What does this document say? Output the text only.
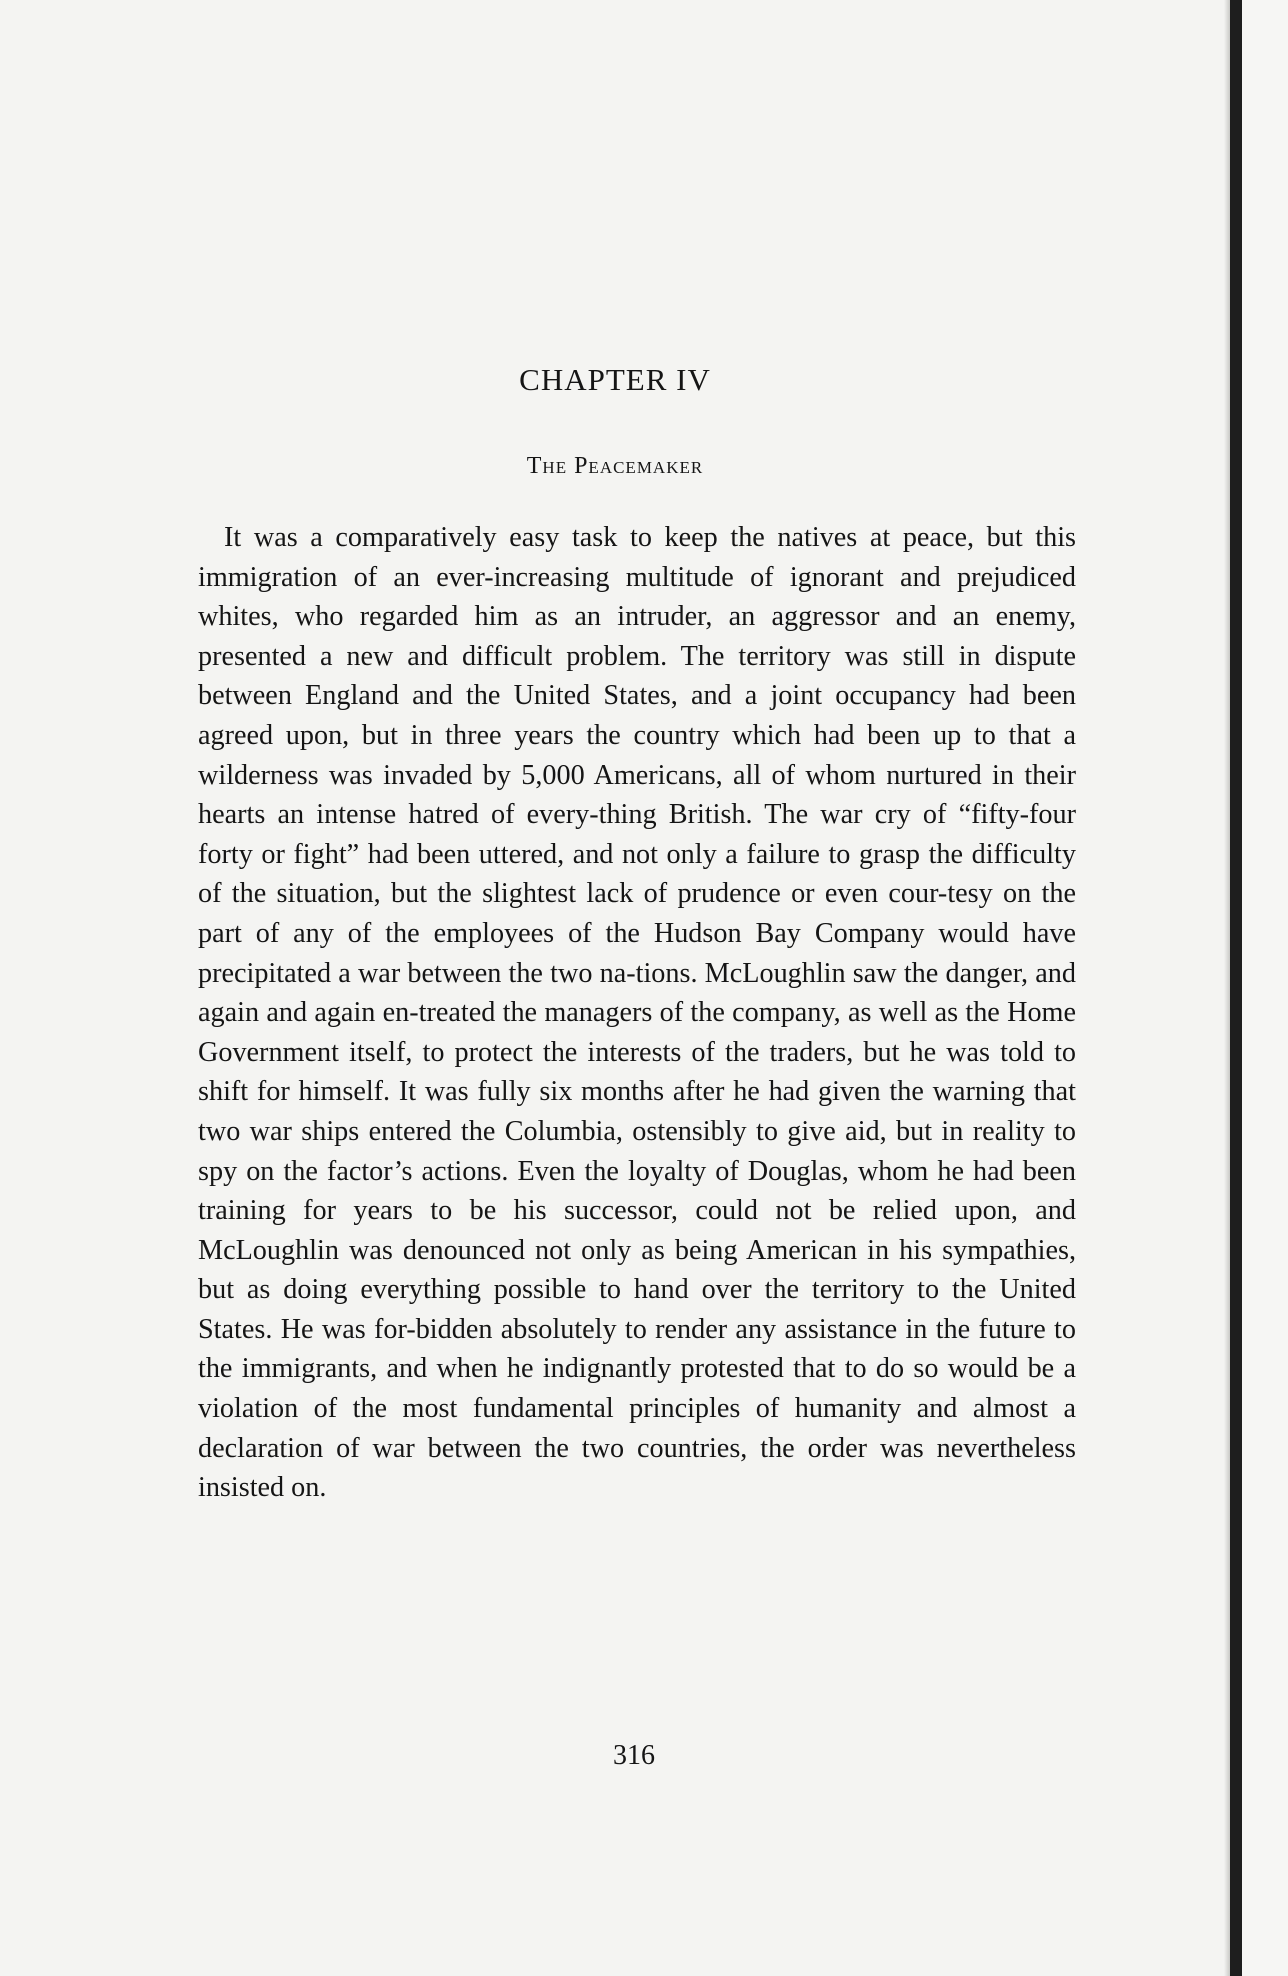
CHAPTER IV
The Peacemaker

It was a comparatively easy task to keep the natives at peace, but this immigration of an ever-increasing multitude of ignorant and prejudiced whites, who regarded him as an intruder, an aggressor and an enemy, presented a new and difficult problem. The territory was still in dispute between England and the United States, and a joint occupancy had been agreed upon, but in three years the country which had been up to that a wilderness was invaded by 5,000 Americans, all of whom nurtured in their hearts an intense hatred of every-thing British. The war cry of “fifty-four forty or fight” had been uttered, and not only a failure to grasp the difficulty of the situation, but the slightest lack of prudence or even cour-tesy on the part of any of the employees of the Hudson Bay Company would have precipitated a war between the two na-tions. McLoughlin saw the danger, and again and again en-treated the managers of the company, as well as the Home Government itself, to protect the interests of the traders, but he was told to shift for himself. It was fully six months after he had given the warning that two war ships entered the Columbia, ostensibly to give aid, but in reality to spy on the factor’s actions. Even the loyalty of Douglas, whom he had been training for years to be his successor, could not be relied upon, and McLoughlin was denounced not only as being American in his sympathies, but as doing everything possible to hand over the territory to the United States. He was for-bidden absolutely to render any assistance in the future to the immigrants, and when he indignantly protested that to do so would be a violation of the most fundamental principles of humanity and almost a declaration of war between the two countries, the order was nevertheless insisted on.

316
